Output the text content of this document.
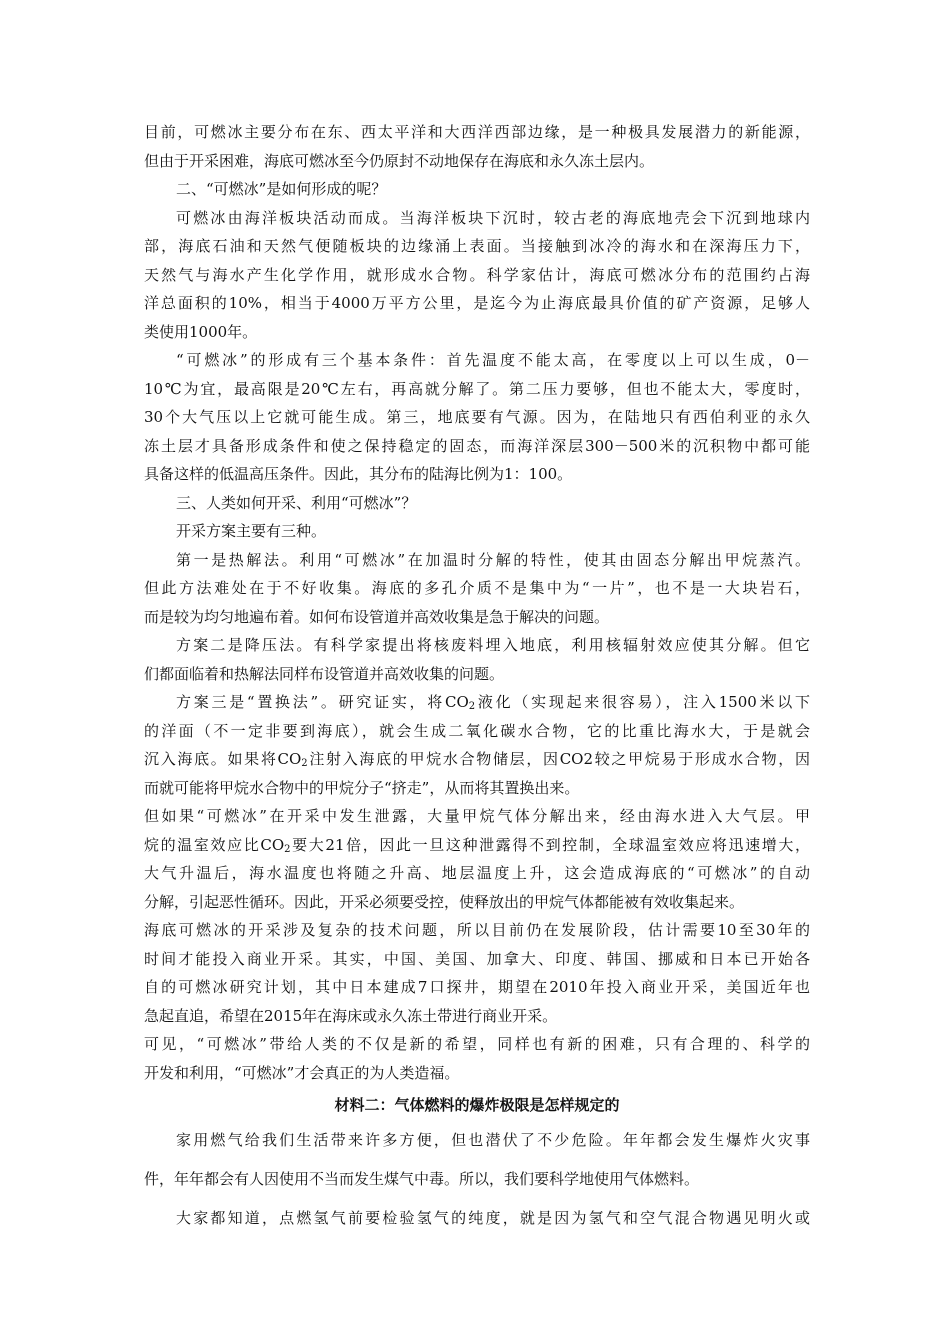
目前，可燃冰主要分布在东、西太平洋和大西洋西部边缘，是一种极具发展潜力的新能源，
但由于开采困难，海底可燃冰至今仍原封不动地保存在海底和永久冻土层内。
二、“可燃冰”是如何形成的呢？
可燃冰由海洋板块活动而成。当海洋板块下沉时，较古老的海底地壳会下沉到地球内
部，海底石油和天然气便随板块的边缘涌上表面。当接触到冰冷的海水和在深海压力下，
天然气与海水产生化学作用，就形成水合物。科学家估计，海底可燃冰分布的范围约占海
洋总面积的10%，相当于4000万平方公里，是迄今为止海底最具价值的矿产资源，足够人
类使用1000年。
“可燃冰”的形成有三个基本条件：首先温度不能太高，在零度以上可以生成，0－
10℃为宜，最高限是20℃左右，再高就分解了。第二压力要够，但也不能太大，零度时，
30个大气压以上它就可能生成。第三，地底要有气源。因为，在陆地只有西伯利亚的永久
冻土层才具备形成条件和使之保持稳定的固态，而海洋深层300－500米的沉积物中都可能
具备这样的低温高压条件。因此，其分布的陆海比例为1：100。
三、人类如何开采、利用“可燃冰”？
开采方案主要有三种。
第一是热解法。利用“可燃冰”在加温时分解的特性，使其由固态分解出甲烷蒸汽。
但此方法难处在于不好收集。海底的多孔介质不是集中为“一片”，也不是一大块岩石，
而是较为均匀地遍布着。如何布设管道并高效收集是急于解决的问题。
方案二是降压法。有科学家提出将核废料埋入地底，利用核辐射效应使其分解。但它
们都面临着和热解法同样布设管道并高效收集的问题。
方案三是“置换法”。研究证实，将$CO_2$液化（实现起来很容易），注入1500米以下
的洋面（不一定非要到海底），就会生成二氧化碳水合物，它的比重比海水大，于是就会
沉入海底。如果将$CO_2$注射入海底的甲烷水合物储层，因CO2较之甲烷易于形成水合物，因
而就可能将甲烷水合物中的甲烷分子“挤走”，从而将其置换出来。
但如果“可燃冰”在开采中发生泄露，大量甲烷气体分解出来，经由海水进入大气层。甲
烷的温室效应比$CO_2$要大21倍，因此一旦这种泄露得不到控制，全球温室效应将迅速增大，
大气升温后，海水温度也将随之升高、地层温度上升，这会造成海底的“可燃冰”的自动
分解，引起恶性循环。因此，开采必须要受控，使释放出的甲烷气体都能被有效收集起来。
海底可燃冰的开采涉及复杂的技术问题，所以目前仍在发展阶段，估计需要10至30年的
时间才能投入商业开采。其实，中国、美国、加拿大、印度、韩国、挪威和日本已开始各
自的可燃冰研究计划，其中日本建成7口探井，期望在2010年投入商业开采，美国近年也
急起直追，希望在2015年在海床或永久冻土带进行商业开采。
可见，“可燃冰”带给人类的不仅是新的希望，同样也有新的困难，只有合理的、科学的
开发和利用，“可燃冰”才会真正的为人类造福。
材料二：气体燃料的爆炸极限是怎样规定的
家用燃气给我们生活带来许多方便，但也潜伏了不少危险。年年都会发生爆炸火灾事
件，年年都会有人因使用不当而发生煤气中毒。所以，我们要科学地使用气体燃料。
大家都知道，点燃氢气前要检验氢气的纯度，就是因为氢气和空气混合物遇见明火或
